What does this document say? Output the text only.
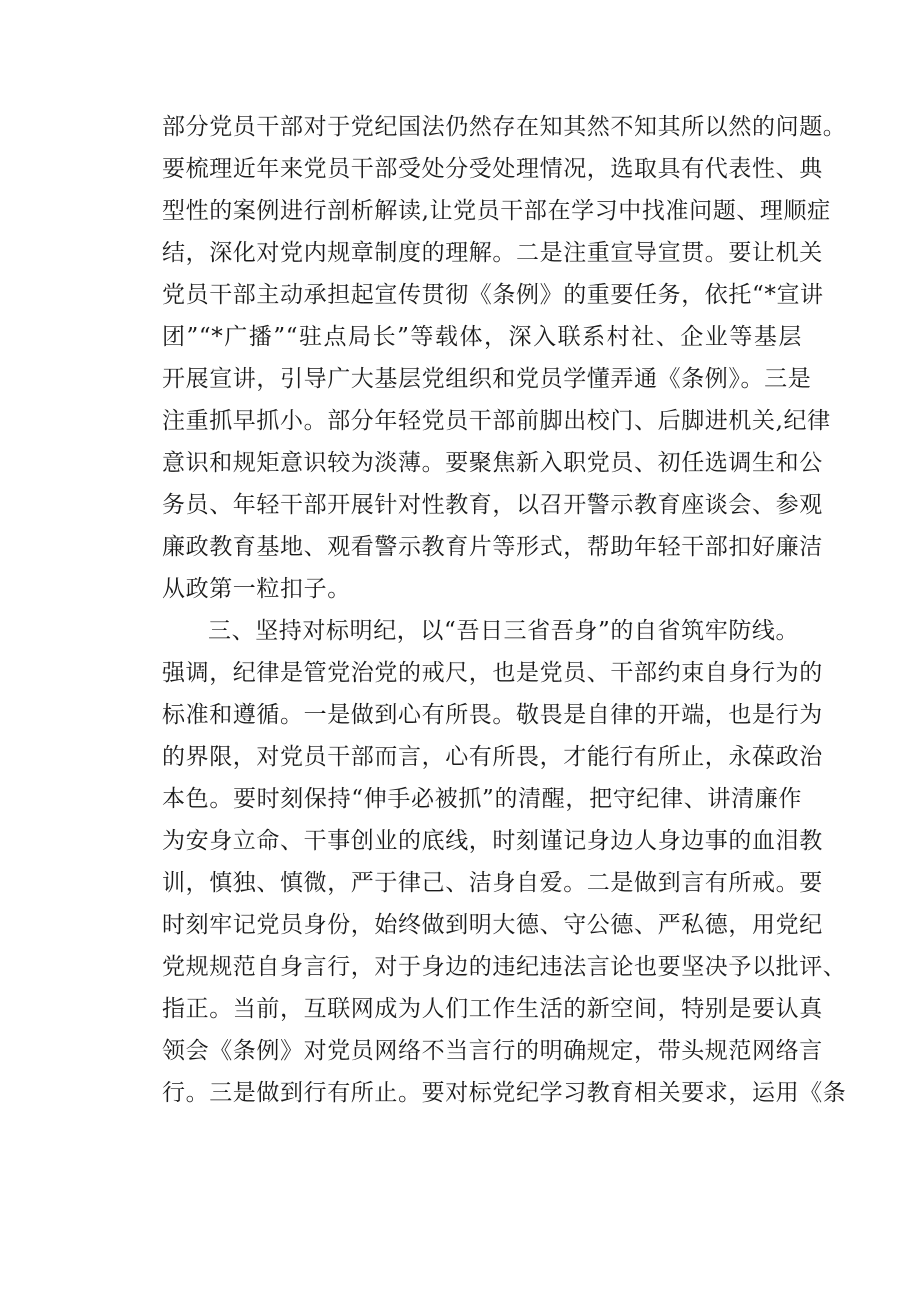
部分党员干部对于党纪国法仍然存在知其然不知其所以然的问题。
要梳理近年来党员干部受处分受处理情况，选取具有代表性、典
型性的案例进行剖析解读,让党员干部在学习中找准问题、理顺症
结，深化对党内规章制度的理解。二是注重宣导宣贯。要让机关
党员干部主动承担起宣传贯彻《条例》的重要任务，依托“*宣讲
团”“*广播”“驻点局长”等载体，深入联系村社、企业等基层
开展宣讲，引导广大基层党组织和党员学懂弄通《条例》。三是
注重抓早抓小。部分年轻党员干部前脚出校门、后脚进机关,纪律
意识和规矩意识较为淡薄。要聚焦新入职党员、初任选调生和公
务员、年轻干部开展针对性教育，以召开警示教育座谈会、参观
廉政教育基地、观看警示教育片等形式，帮助年轻干部扣好廉洁
从政第一粒扣子。
三、坚持对标明纪，以“吾日三省吾身”的自省筑牢防线。
强调，纪律是管党治党的戒尺，也是党员、干部约束自身行为的
标准和遵循。一是做到心有所畏。敬畏是自律的开端，也是行为
的界限，对党员干部而言，心有所畏，才能行有所止，永葆政治
本色。要时刻保持“伸手必被抓”的清醒，把守纪律、讲清廉作
为安身立命、干事创业的底线，时刻谨记身边人身边事的血泪教
训，慎独、慎微，严于律己、洁身自爱。二是做到言有所戒。要
时刻牢记党员身份，始终做到明大德、守公德、严私德，用党纪
党规规范自身言行，对于身边的违纪违法言论也要坚决予以批评、
指正。当前，互联网成为人们工作生活的新空间，特别是要认真
领会《条例》对党员网络不当言行的明确规定，带头规范网络言
行。三是做到行有所止。要对标党纪学习教育相关要求，运用《条
